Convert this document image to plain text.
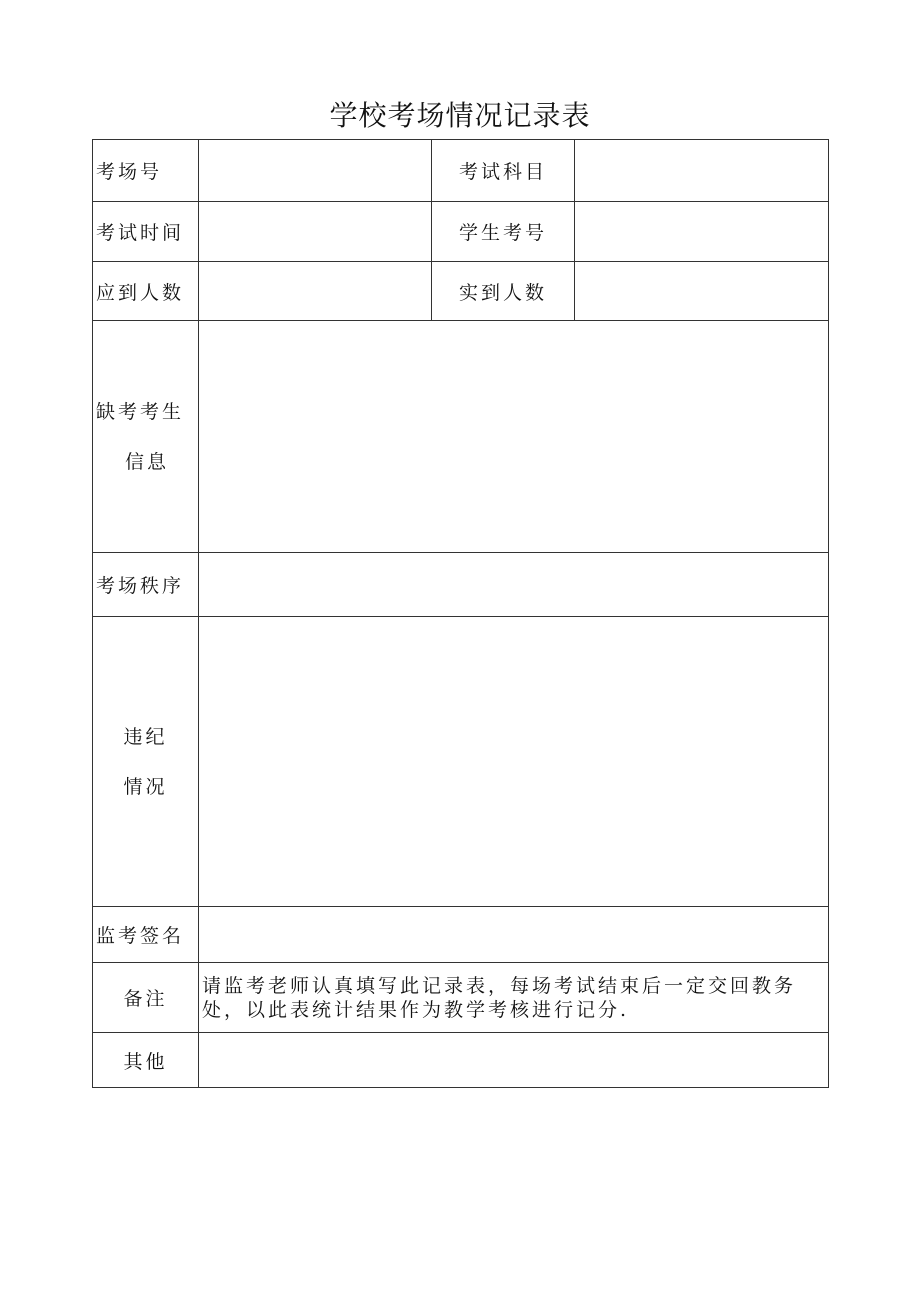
学校考场情况记录表
考场号		考试科目	
考试时间		学生考号	
应到人数		实到人数	

缺考考生
信息			

考场秩序			

违纪
情况			

监考签名			
备注	请监考老师认真填写此记录表，每场考试结束后一定交回教务处，以此表统计结果作为教学考核进行记分.		
其他			
